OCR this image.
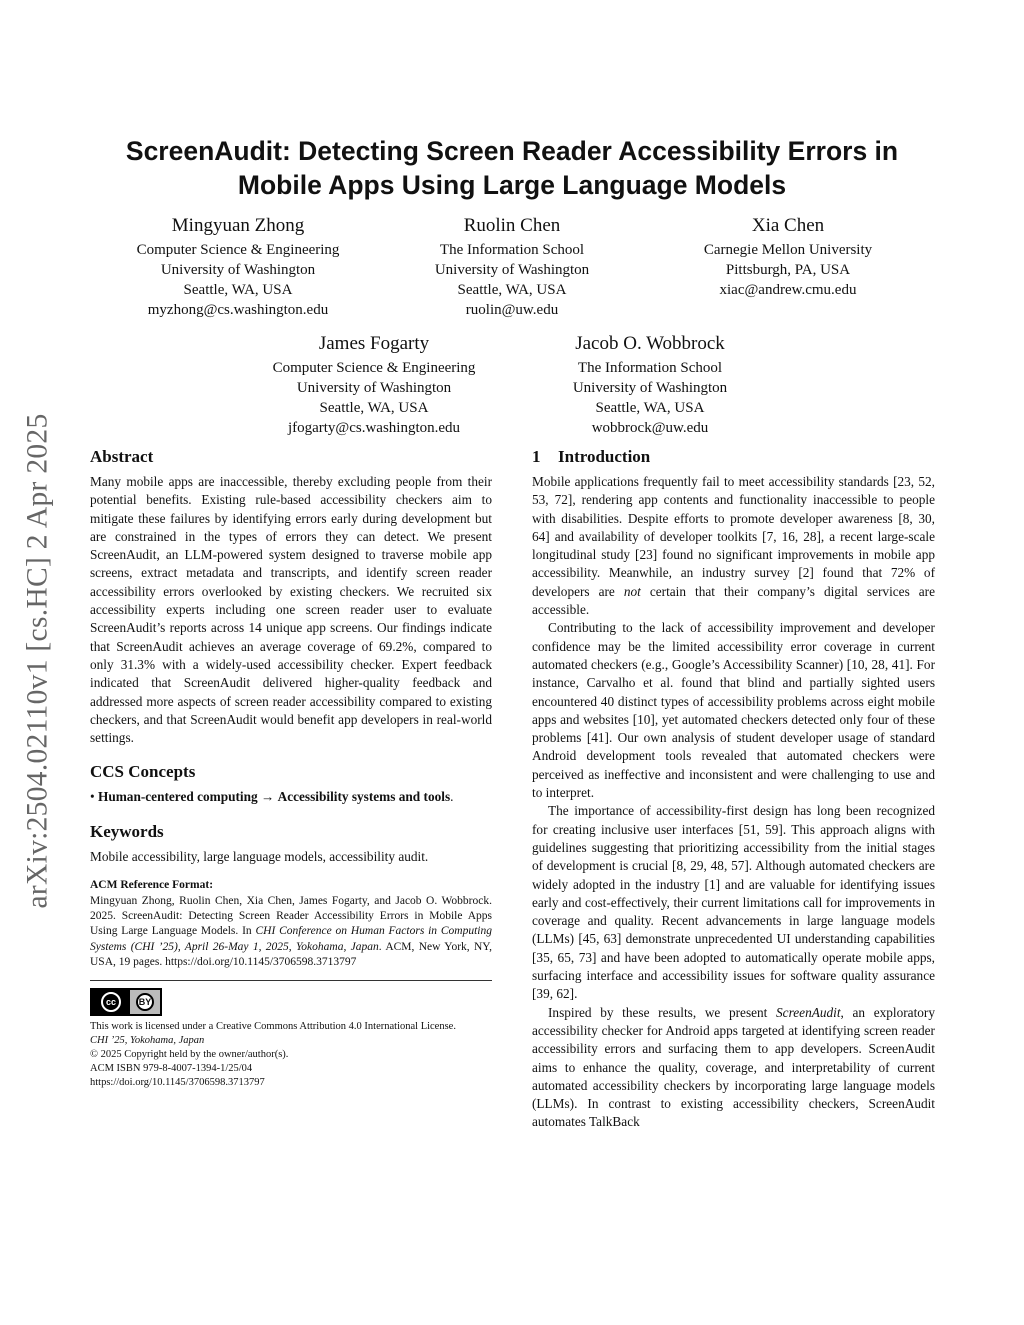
arXiv:2504.02110v1 [cs.HC] 2 Apr 2025
ScreenAudit: Detecting Screen Reader Accessibility Errors in Mobile Apps Using Large Language Models
Mingyuan Zhong
Computer Science & Engineering
University of Washington
Seattle, WA, USA
myzhong@cs.washington.edu
Ruolin Chen
The Information School
University of Washington
Seattle, WA, USA
ruolin@uw.edu
Xia Chen
Carnegie Mellon University
Pittsburgh, PA, USA
xiac@andrew.cmu.edu
James Fogarty
Computer Science & Engineering
University of Washington
Seattle, WA, USA
jfogarty@cs.washington.edu
Jacob O. Wobbrock
The Information School
University of Washington
Seattle, WA, USA
wobbrock@uw.edu
Abstract

Many mobile apps are inaccessible, thereby excluding people from their potential benefits. Existing rule-based accessibility checkers aim to mitigate these failures by identifying errors early during development but are constrained in the types of errors they can detect. We present ScreenAudit, an LLM-powered system designed to traverse mobile app screens, extract metadata and transcripts, and identify screen reader accessibility errors overlooked by existing checkers. We recruited six accessibility experts including one screen reader user to evaluate ScreenAudit’s reports across 14 unique app screens. Our findings indicate that ScreenAudit achieves an average coverage of 69.2%, compared to only 31.3% with a widely-used accessibility checker. Expert feedback indicated that ScreenAudit delivered higher-quality feedback and addressed more aspects of screen reader accessibility compared to existing checkers, and that ScreenAudit would benefit app developers in real-world settings.

CCS Concepts

• Human-centered computing → Accessibility systems and tools.

Keywords

Mobile accessibility, large language models, accessibility audit.

ACM Reference Format:

Mingyuan Zhong, Ruolin Chen, Xia Chen, James Fogarty, and Jacob O. Wobbrock. 2025. ScreenAudit: Detecting Screen Reader Accessibility Errors in Mobile Apps Using Large Language Models. In CHI Conference on Human Factors in Computing Systems (CHI ’25), April 26-May 1, 2025, Yokohama, Japan. ACM, New York, NY, USA, 19 pages. https://doi.org/10.1145/3706598.3713797

cc	BY

This work is licensed under a Creative Commons Attribution 4.0 International License.

CHI ’25, Yokohama, Japan

© 2025 Copyright held by the owner/author(s).

ACM ISBN 979-8-4007-1394-1/25/04

https://doi.org/10.1145/3706598.3713797

1 Introduction

Mobile applications frequently fail to meet accessibility standards [23, 52, 53, 72], rendering app contents and functionality inaccessible to people with disabilities. Despite efforts to promote developer awareness [8, 30, 64] and availability of developer toolkits [7, 16, 28], a recent large-scale longitudinal study [23] found no significant improvements in mobile app accessibility. Meanwhile, an industry survey [2] found that 72% of developers are not certain that their company’s digital services are accessible.

Contributing to the lack of accessibility improvement and developer confidence may be the limited accessibility error coverage in current automated checkers (e.g., Google’s Accessibility Scanner) [10, 28, 41]. For instance, Carvalho et al. found that blind and partially sighted users encountered 40 distinct types of accessibility problems across eight mobile apps and websites [10], yet automated checkers detected only four of these problems [41]. Our own analysis of student developer usage of standard Android development tools revealed that automated checkers were perceived as ineffective and inconsistent and were challenging to use and to interpret.

The importance of accessibility-first design has long been recognized for creating inclusive user interfaces [51, 59]. This approach aligns with guidelines suggesting that prioritizing accessibility from the initial stages of development is crucial [8, 29, 48, 57]. Although automated checkers are widely adopted in the industry [1] and are valuable for identifying issues early and cost-effectively, their current limitations call for improvements in coverage and quality. Recent advancements in large language models (LLMs) [45, 63] demonstrate unprecedented UI understanding capabilities [35, 65, 73] and have been adopted to automatically operate mobile apps, surfacing interface and accessibility issues for software quality assurance [39, 62].

Inspired by these results, we present ScreenAudit, an exploratory accessibility checker for Android apps targeted at identifying screen reader accessibility errors and surfacing them to app developers. ScreenAudit aims to enhance the quality, coverage, and interpretability of current automated accessibility checkers by incorporating large language models (LLMs). In contrast to existing accessibility checkers, ScreenAudit automates TalkBack
